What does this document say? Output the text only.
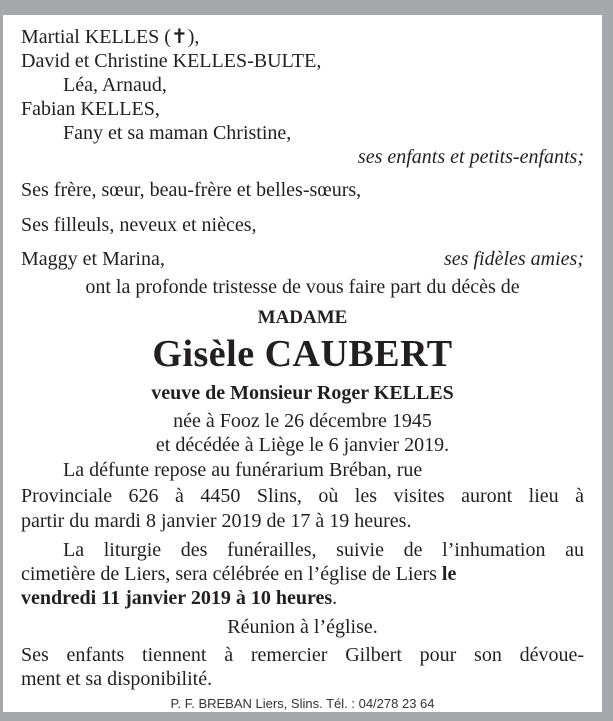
Martial KELLES (✝),
David et Christine KELLES-BULTE,
Léa, Arnaud,
Fabian KELLES,
Fany et sa maman Christine,
ses enfants et petits-enfants;
Ses frère, sœur, beau-frère et belles-sœurs,
Ses filleuls, neveux et nièces,
Maggy et Marina,	ses fidèles amies;
ont la profonde tristesse de vous faire part du décès de
MADAME
Gisèle CAUBERT
veuve de Monsieur Roger KELLES
née à Fooz le 26 décembre 1945
et décédée à Liège le 6 janvier 2019.
La défunte repose au funérarium Bréban, rue
Provinciale 626 à 4450 Slins, où les visites auront lieu à
partir du mardi 8 janvier 2019 de 17 à 19 heures.
La liturgie des funérailles, suivie de l’inhumation au
cimetière de Liers, sera célébrée en l’église de Liers le
vendredi 11 janvier 2019 à 10 heures.
Réunion à l’église.
Ses enfants tiennent à remercier Gilbert pour son dévoue-
ment et sa disponibilité.
P. F. BREBAN Liers, Slins. Tél. : 04/278 23 64
